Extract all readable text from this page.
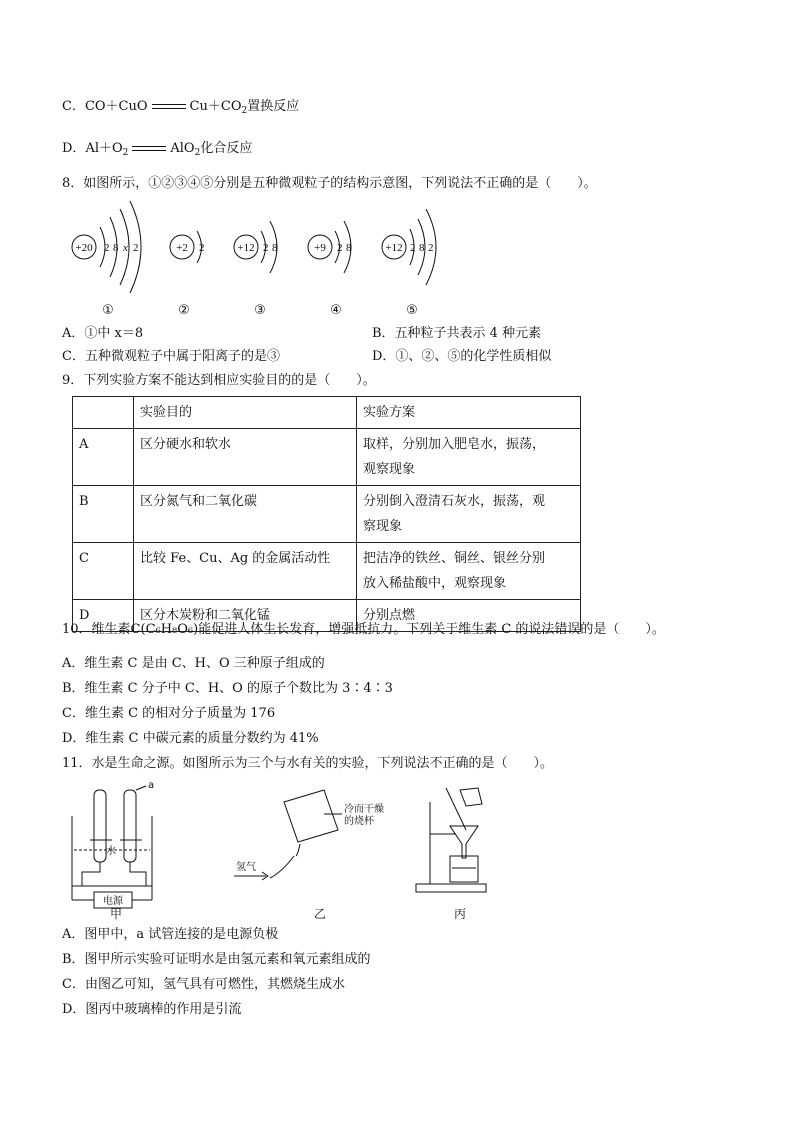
C．CO＋CuO	$Cu+CO_2$置换反应
D．$Al+O_2$	AlO$_2$化合反应
8．如图所示，①②③④⑤分别是五种微观粒子的结构示意图，下列说法不正确的是（　　）。
+20 2 8 x 2	+2 2	+12 2 8	+9 2 8	+12 2 8 2
①	②	③	④	⑤
A．①中 x＝8	B．五种粒子共表示 4 种元素
C．五种微观粒子中属于阳离子的是③	D．①、②、⑤的化学性质相似
9．下列实验方案不能达到相应实验目的的是（　　）。
	实验目的	实验方案
A	区分硬水和软水	取样，分别加入肥皂水，振荡，
观察现象

B	区分氮气和二氧化碳	分别倒入澄清石灰水，振荡，观
察现象

C	比较 Fe、Cu、Ag 的金属活动性	把洁净的铁丝、铜丝、银丝分别
放入稀盐酸中，观察现象

D	区分木炭粉和二氧化锰	分别点燃
10．维生素C(C₆H₈O₆)能促进人体生长发育，增强抵抗力。下列关于维生素 C 的说法错误的是（　　）。
A．维生素 C 是由 C、H、O 三种原子组成的
B．维生素 C 分子中 C、H、O 的原子个数比为 3∶4∶3
C．维生素 C 的相对分子质量为 176
D．维生素 C 中碳元素的质量分数约为 41%
11．水是生命之源。如图所示为三个与水有关的实验，下列说法不正确的是（　　）。
a
水
电源
冷而干燥
的烧杯
氢气
甲	乙	丙
A．图甲中，a 试管连接的是电源负极
B．图甲所示实验可证明水是由氢元素和氧元素组成的
C．由图乙可知，氢气具有可燃性，其燃烧生成水
D．图丙中玻璃棒的作用是引流
